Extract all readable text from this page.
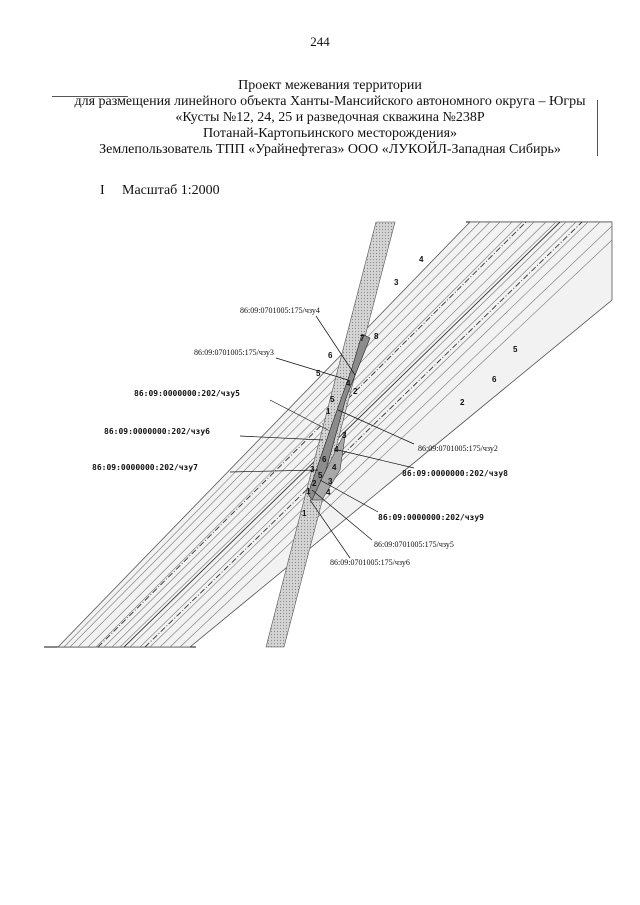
244
Проект межевания территории
для размещения линейного объекта Ханты-Мансийского автономного округа – Югры
«Кусты №12, 24, 25 и разведочная скважина №238Р
Потанай-Картопьинского месторождения»
Землепользователь ТПП «Урайнефтегаз» ООО «ЛУКОЙЛ-Западная Сибирь»
I Масштаб 1:2000
86:09:0701005:175/чзу4
86:09:0701005:175/чзу3
86:09:0000000:202/чзу5
86:09:0000000:202/чзу6
86:09:0000000:202/чзу7
86:09:0701005:175/чзу2
86:09:0000000:202/чзу8
86:09:0000000:202/чзу9
86:09:0701005:175/чзу5
86:09:0701005:175/чзу6
4
3
5
6
2
7 8
6
5
4
2
1
5
6
3
4
5
3 4
2
1
3
4
1
